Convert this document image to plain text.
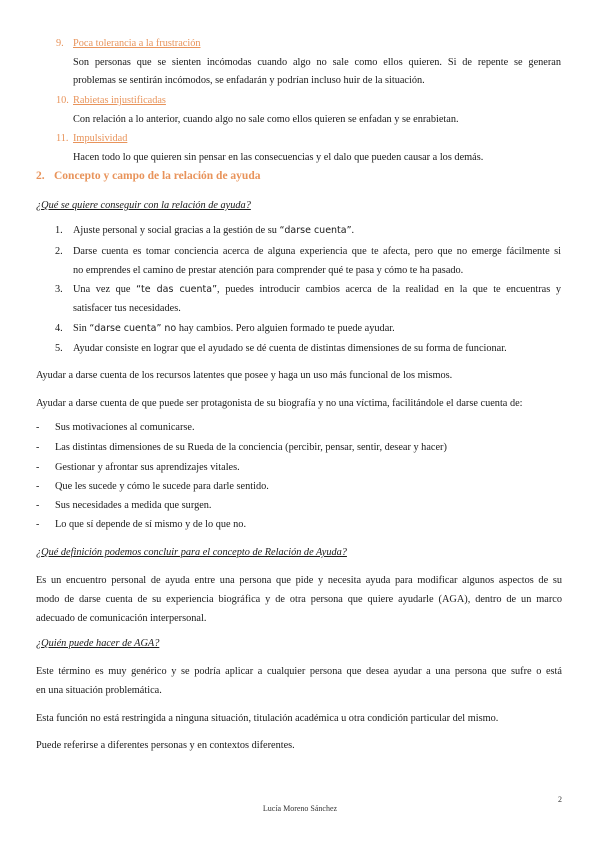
9. Poca tolerancia a la frustración
Son personas que se sienten incómodas cuando algo no sale como ellos quieren. Si de repente se generan
problemas se sentirán incómodos, se enfadarán y podrían incluso huir de la situación.
10. Rabietas injustificadas
Con relación a lo anterior, cuando algo no sale como ellos quieren se enfadan y se enrabietan.
11. Impulsividad
Hacen todo lo que quieren sin pensar en las consecuencias y el dalo que pueden causar a los demás.
2. Concepto y campo de la relación de ayuda
¿Qué se quiere conseguir con la relación de ayuda?
1. Ajuste personal y social gracias a la gestión de su “darse cuenta”.
2. Darse cuenta es tomar conciencia acerca de alguna experiencia que te afecta, pero que no emerge fácilmente si
no emprendes el camino de prestar atención para comprender qué te pasa y cómo te ha pasado.
3. Una vez que “te das cuenta”, puedes introducir cambios acerca de la realidad en la que te encuentras y
satisfacer tus necesidades.
4. Sin “darse cuenta” no hay cambios. Pero alguien formado te puede ayudar.
5. Ayudar consiste en lograr que el ayudado se dé cuenta de distintas dimensiones de su forma de funcionar.
Ayudar a darse cuenta de los recursos latentes que posee y haga un uso más funcional de los mismos.
Ayudar a darse cuenta de que puede ser protagonista de su biografía y no una víctima, facilitándole el darse cuenta de:
- Sus motivaciones al comunicarse.
- Las distintas dimensiones de su Rueda de la conciencia (percibir, pensar, sentir, desear y hacer)
- Gestionar y afrontar sus aprendizajes vitales.
- Que les sucede y cómo le sucede para darle sentido.
- Sus necesidades a medida que surgen.
- Lo que sí depende de sí mismo y de lo que no.
¿Qué definición podemos concluir para el concepto de Relación de Ayuda?
Es un encuentro personal de ayuda entre una persona que pide y necesita ayuda para modificar algunos aspectos de su
modo de darse cuenta de su experiencia biográfica y de otra persona que quiere ayudarle (AGA), dentro de un marco
adecuado de comunicación interpersonal.
¿Quién puede hacer de AGA?
Este término es muy genérico y se podría aplicar a cualquier persona que desea ayudar a una persona que sufre o está
en una situación problemática.
Esta función no está restringida a ninguna situación, titulación académica u otra condición particular del mismo.
Puede referirse a diferentes personas y en contextos diferentes.
2
Lucía Moreno Sánchez
